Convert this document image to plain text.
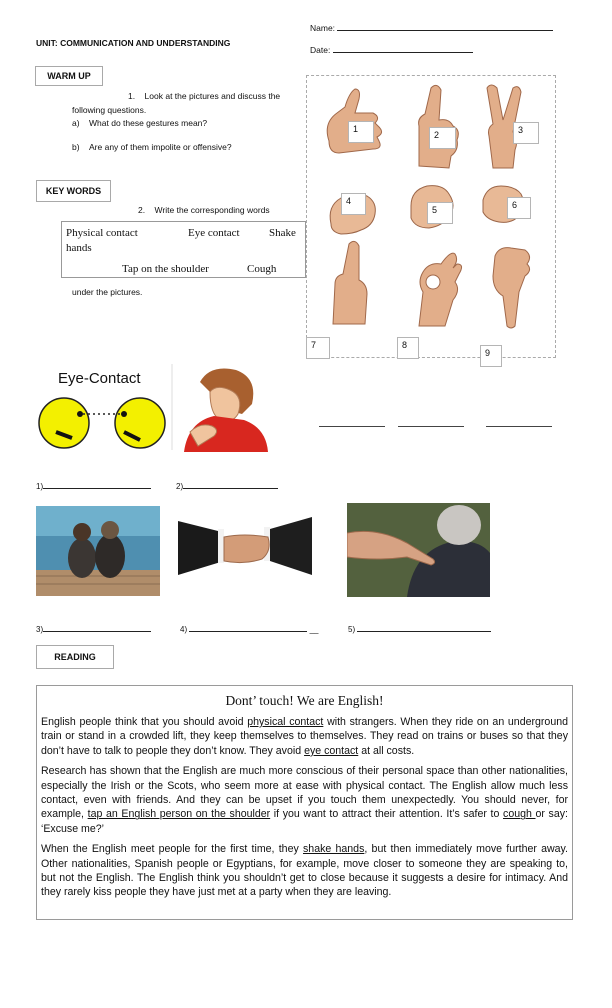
Name:
Date:
UNIT: COMMUNICATION AND UNDERSTANDING
WARM UP
1. Look at the pictures and discuss the
following questions.
a) What do these gestures mean?
b) Are any of them impolite or offensive?
KEY WORDS
2. Write the corresponding words
Physical contact	Eye contact	Shake
hands
Tap on the shoulder	Cough
under the pictures.
1
2	3
4
5	6
7	8
9
Eye-Contact
1)	2)
3)	4)	__	5)
READING
Dont’ touch! We are English!

English people think that you should avoid physical contact with strangers. When they ride on an underground train or stand in a crowded lift, they keep themselves to themselves. They read on trains or buses so that they don’t have to talk to people they don’t know. They avoid eye contact at all costs.

Research has shown that the English are much more conscious of their personal space than other nationalities, especially the Irish or the Scots, who seem more at ease with physical contact. The English allow much less contact, even with friends. And they can be upset if you touch them unexpectedly. You should never, for example, tap an English person on the shoulder if you want to attract their attention. It’s safer to cough or say: ‘Excuse me?’

When the English meet people for the first time, they shake hands, but then immediately move further away. Other nationalities, Spanish people or Egyptians, for example, move closer to someone they are speaking to, but not the English. The English think you shouldn’t get to close because it suggests a desire for intimacy. And they rarely kiss people they have just met at a party when they are leaving.
